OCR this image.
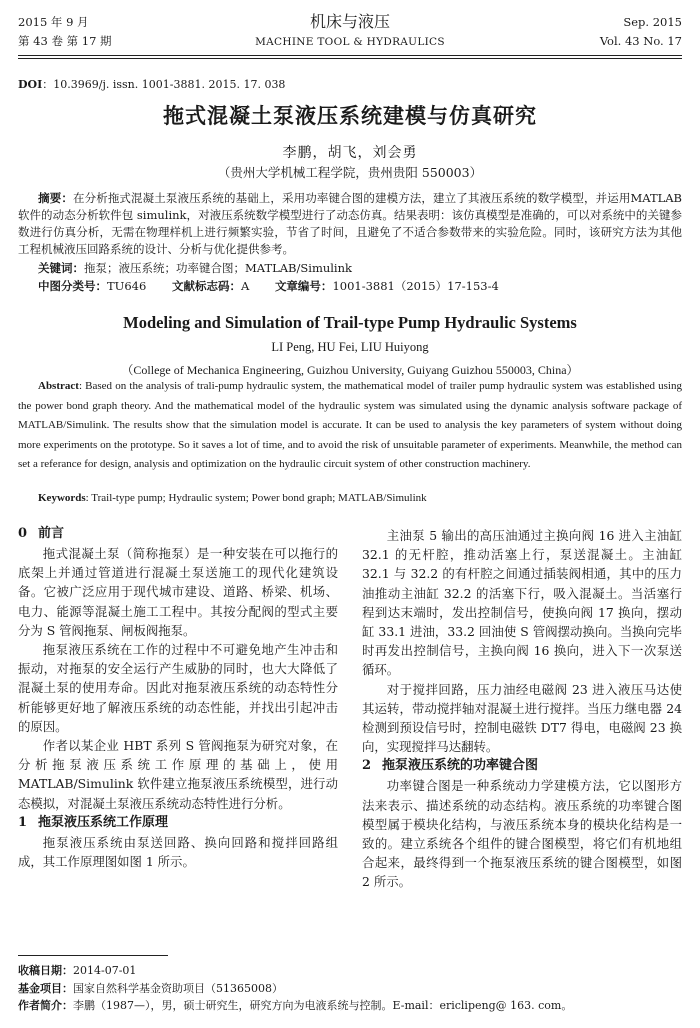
2015 年 9 月
第 43 卷 第 17 期
机床与液压
MACHINE TOOL & HYDRAULICS
Sep. 2015
Vol. 43 No. 17
DOI：10.3969/j. issn. 1001-3881. 2015. 17. 038
拖式混凝土泵液压系统建模与仿真研究
李鹏，胡飞，刘会勇
（贵州大学机械工程学院，贵州贵阳 550003）
摘要：在分析拖式混凝土泵液压系统的基础上，采用功率键合图的建模方法，建立了其液压系统的数学模型，并运用MATLAB 软件的动态分析软件包 simulink，对液压系统数学模型进行了动态仿真。结果表明：该仿真模型是准确的，可以对系统中的关键参数进行仿真分析，无需在物理样机上进行频繁实验，节省了时间，且避免了不适合参数带来的实验危险。同时，该研究方法为其他工程机械液压回路系统的设计、分析与优化提供参考。
关键词：拖泵；液压系统；功率键合图；MATLAB/Simulink
中图分类号：TU646 文献标志码：A 文章编号：1001-3881（2015）17-153-4
Modeling and Simulation of Trail-type Pump Hydraulic Systems
LI Peng, HU Fei, LIU Huiyong
（College of Mechanica Engineering, Guizhou University, Guiyang Guizhou 550003, China）
Abstract: Based on the analysis of trali-pump hydraulic system, the mathematical model of trailer pump hydraulic system was established using the power bond graph theory. And the mathematical model of the hydraulic system was simulated using the dynamic analysis software package of MATLAB/Simulink. The results show that the simulation model is accurate. It can be used to analysis the key parameters of system without doing more experiments on the prototype. So it saves a lot of time, and to avoid the risk of unsuitable parameter of experiments. Meanwhile, the method can set a referance for design, analysis and optimization on the hydraulic circuit system of other construction machinery.
Keywords: Trail-type pump; Hydraulic system; Power bond graph; MATLAB/Simulink
0 前言

拖式混凝土泵（简称拖泵）是一种安装在可以拖行的底架上并通过管道进行混凝土泵送施工的现代化建筑设备。它被广泛应用于现代城市建设、道路、桥梁、机场、电力、能源等混凝土施工工程中。其按分配阀的型式主要分为 S 管阀拖泵、闸板阀拖泵。

拖泵液压系统在工作的过程中不可避免地产生冲击和振动，对拖泵的安全运行产生威胁的同时，也大大降低了混凝土泵的使用寿命。因此对拖泵液压系统的动态特性分析能够更好地了解液压系统的动态性能，并找出引起冲击的原因。

作者以某企业 HBT 系列 S 管阀拖泵为研究对象，在分析拖泵液压系统工作原理的基础上，使用 MATLAB/Simulink 软件建立拖泵液压系统模型，进行动态模拟，对混凝土泵液压系统动态特性进行分析。

1 拖泵液压系统工作原理

拖泵液压系统由泵送回路、换向回路和搅拌回路组成，其工作原理图如图 1 所示。

主油泵 5 输出的高压油通过主换向阀 16 进入主油缸 32.1 的无杆腔，推动活塞上行，泵送混凝土。主油缸 32.1 与 32.2 的有杆腔之间通过插装阀相通，其中的压力油推动主油缸 32.2 的活塞下行，吸入混凝土。当活塞行程到达末端时，发出控制信号，使换向阀 17 换向，摆动缸 33.1 进油，33.2 回油使 S 管阀摆动换向。当换向完毕时再发出控制信号，主换向阀 16 换向，进入下一次泵送循环。

对于搅拌回路，压力油经电磁阀 23 进入液压马达使其运转，带动搅拌轴对混凝土进行搅拌。当压力继电器 24 检测到预设信号时，控制电磁铁 DT7 得电，电磁阀 23 换向，实现搅拌马达翻转。

2 拖泵液压系统的功率键合图

功率键合图是一种系统动力学建模方法，它以图形方法来表示、描述系统的动态结构。液压系统的功率键合图模型属于模块化结构，与液压系统本身的模块化结构是一致的。建立系统各个组件的键合图模型，将它们有机地组合起来，最终得到一个拖泵液压系统的键合图模型，如图 2 所示。

收稿日期：2014-07-01
基金项目：国家自然科学基金资助项目（51365008）
作者简介：李鹏（1987—），男，硕士研究生，研究方向为电液系统与控制。E-mail：ericlipeng@ 163. com。
